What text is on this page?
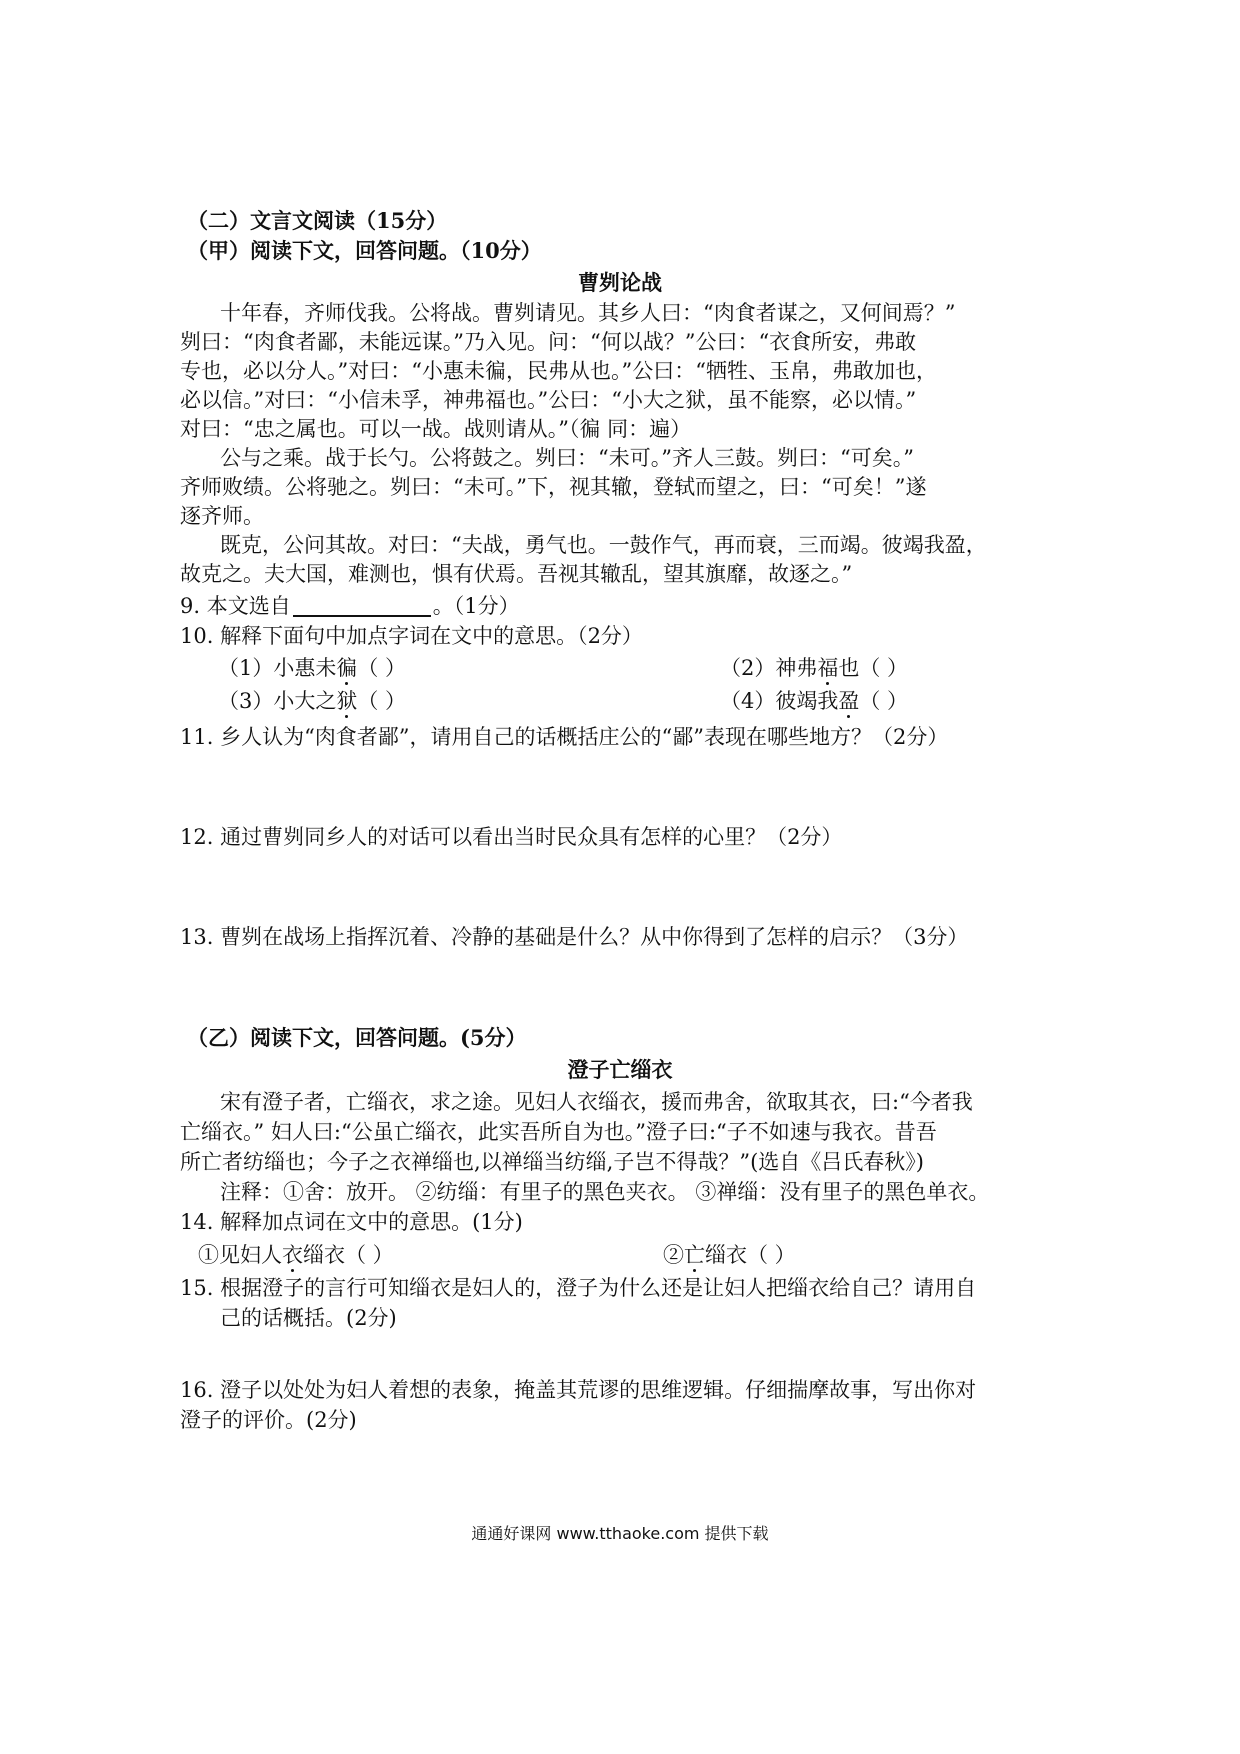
（二）文言文阅读（15分）
（甲）阅读下文，回答问题。（10分）
曹刿论战
十年春，齐师伐我。公将战。曹刿请见。其乡人曰：“肉食者谋之，又何间焉？”
刿曰：“肉食者鄙，未能远谋。”乃入见。问：“何以战？”公曰：“衣食所安，弗敢
专也，必以分人。”对曰：“小惠未徧，民弗从也。”公曰：“牺牲、玉帛，弗敢加也，
必以信。”对曰：“小信未孚，神弗福也。”公曰：“小大之狱，虽不能察，必以情。”
对曰：“忠之属也。可以一战。战则请从。”（徧 同：遍）
公与之乘。战于长勺。公将鼓之。刿曰：“未可。”齐人三鼓。刿曰：“可矣。”
齐师败绩。公将驰之。刿曰：“未可。”下，视其辙，登轼而望之，曰：“可矣！”遂
逐齐师。
既克，公问其故。对曰：“夫战，勇气也。一鼓作气，再而衰，三而竭。彼竭我盈，
故克之。夫大国，难测也，惧有伏焉。吾视其辙乱，望其旗靡，故逐之。”
9. 本文选自	。（1分）
10. 解释下面句中加点字词在文中的意思。（2分）
（1）小惠未徧（ ）	（2）神弗福也（ ）
（3）小大之狱（ ）	（4）彼竭我盈（ ）
11. 乡人认为“肉食者鄙”，请用自己的话概括庄公的“鄙”表现在哪些地方？（2分）
12. 通过曹刿同乡人的对话可以看出当时民众具有怎样的心里？（2分）
13. 曹刿在战场上指挥沉着、冷静的基础是什么？从中你得到了怎样的启示？（3分）
（乙）阅读下文，回答问题。(5分）
澄子亡缁衣
宋有澄子者，亡缁衣，求之途。见妇人衣缁衣，援而弗舍，欲取其衣，曰:“今者我
亡缁衣。” 妇人曰:“公虽亡缁衣，此实吾所自为也。”澄子曰:“子不如速与我衣。昔吾
所亡者纺缁也；今子之衣禅缁也,以禅缁当纺缁,子岂不得哉？”(选自《吕氏春秋》)
注释：①舍：放开。 ②纺缁：有里子的黑色夹衣。 ③禅缁：没有里子的黑色单衣。
14. 解释加点词在文中的意思。(1分)
①见妇人衣缁衣（ ）	②亡缁衣（ ）
15. 根据澄子的言行可知缁衣是妇人的，澄子为什么还是让妇人把缁衣给自己？请用自
己的话概括。(2分)
16. 澄子以处处为妇人着想的表象，掩盖其荒谬的思维逻辑。仔细揣摩故事，写出你对
澄子的评价。(2分)
通通好课网 www.tthaoke.com 提供下载
